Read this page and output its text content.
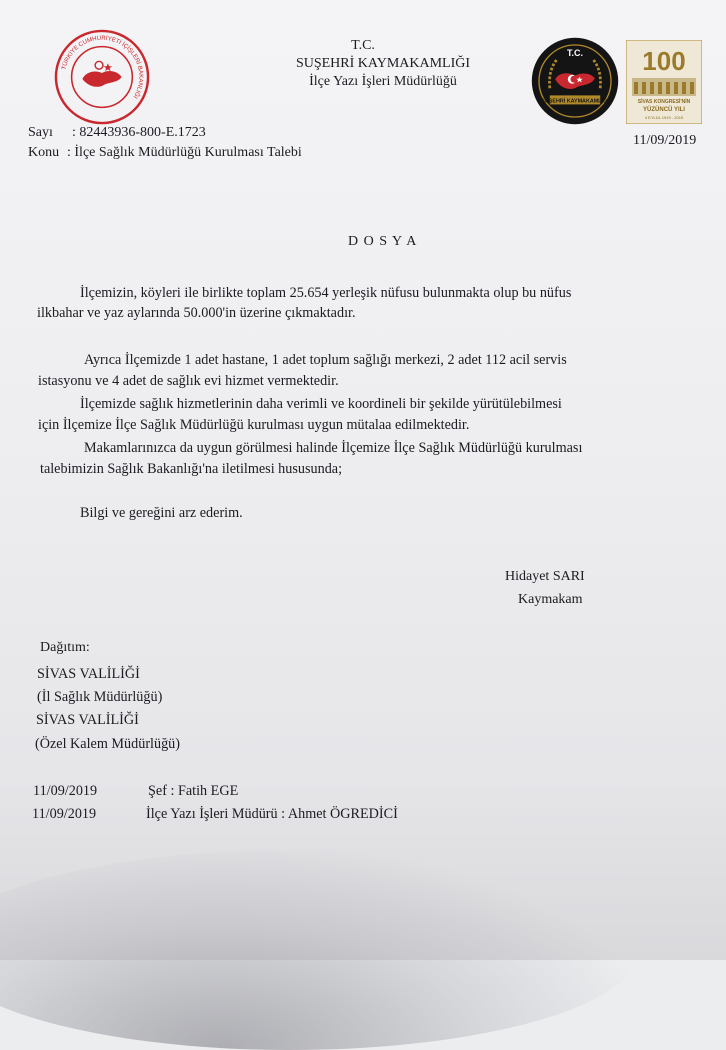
TÜRKİYE CUMHURİYETİ İÇİŞLERİ BAKANLIĞI
T.C.
SUŞEHRİ KAYMAKAMLIĞI
İlçe Yazı İşleri Müdürlüğü
T.C.
SUŞEHRİ KAYMAKAMLIĞI
100
SİVAS KONGRESİ'NİN
YÜZÜNCÜ YILI
4 EYLÜL 1919 - 2019
11/09/2019
Sayı : 82443936-800-E.1723
Konu : İlçe Sağlık Müdürlüğü Kurulması Talebi
D O S Y A
İlçemizin, köyleri ile birlikte toplam 25.654 yerleşik nüfusu bulunmakta olup bu nüfus
ilkbahar ve yaz aylarında 50.000'in üzerine çıkmaktadır.
Ayrıca İlçemizde 1 adet hastane, 1 adet toplum sağlığı merkezi, 2 adet 112 acil servis
istasyonu ve 4 adet de sağlık evi hizmet vermektedir.
İlçemizde sağlık hizmetlerinin daha verimli ve koordineli bir şekilde yürütülebilmesi
için İlçemize İlçe Sağlık Müdürlüğü kurulması uygun mütalaa edilmektedir.
Makamlarınızca da uygun görülmesi halinde İlçemize İlçe Sağlık Müdürlüğü kurulması
talebimizin Sağlık Bakanlığı'na iletilmesi hususunda;
Bilgi ve gereğini arz ederim.
Hidayet SARI
Kaymakam
Dağıtım:
SİVAS VALİLİĞİ
(İl Sağlık Müdürlüğü)
SİVAS VALİLİĞİ
(Özel Kalem Müdürlüğü)
11/09/2019	Şef : Fatih EGE
11/09/2019	İlçe Yazı İşleri Müdürü : Ahmet ÖGREDİCİ
